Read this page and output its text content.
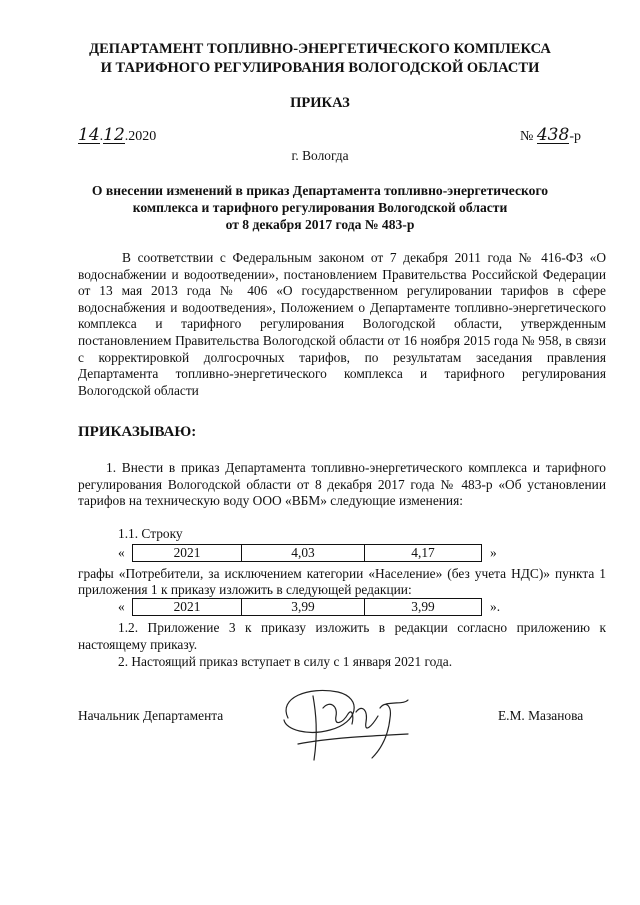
ДЕПАРТАМЕНТ ТОПЛИВНО-ЭНЕРГЕТИЧЕСКОГО КОМПЛЕКСА
И ТАРИФНОГО РЕГУЛИРОВАНИЯ ВОЛОГОДСКОЙ ОБЛАСТИ
ПРИКАЗ
14.12.2020	№ 438-р
г. Вологда
О внесении изменений в приказ Департамента топливно-энергетического
комплекса и тарифного регулирования Вологодской области
от 8 декабря 2017 года № 483-р
В соответствии с Федеральным законом от 7 декабря 2011 года № 416-ФЗ «О водоснабжении и водоотведении», постановлением Правительства Российской Федерации от 13 мая 2013 года № 406 «О государственном регулировании тарифов в сфере водоснабжения и водоотведения», Положением о Департаменте топливно-энергетического комплекса и тарифного регулирования Вологодской области, утвержденным постановлением Правительства Вологодской области от 16 ноября 2015 года № 958, в связи с корректировкой долгосрочных тарифов, по результатам заседания правления Департамента топливно-энергетического комплекса и тарифного регулирования Вологодской области
ПРИКАЗЫВАЮ:
1. Внести в приказ Департамента топливно-энергетического комплекса и тарифного регулирования Вологодской области от 8 декабря 2017 года № 483-р «Об установлении тарифов на техническую воду ООО «ВБМ» следующие изменения:
1.1. Строку
«	2021	4,03	4,17	»
графы «Потребители, за исключением категории «Население» (без учета НДС)» пункта 1 приложения 1 к приказу изложить в следующей редакции:
«	2021	3,99	3,99	».
1.2. Приложение 3 к приказу изложить в редакции согласно приложению к настоящему приказу.
2. Настоящий приказ вступает в силу с 1 января 2021 года.
Начальник Департамента	Е.М. Мазанова
